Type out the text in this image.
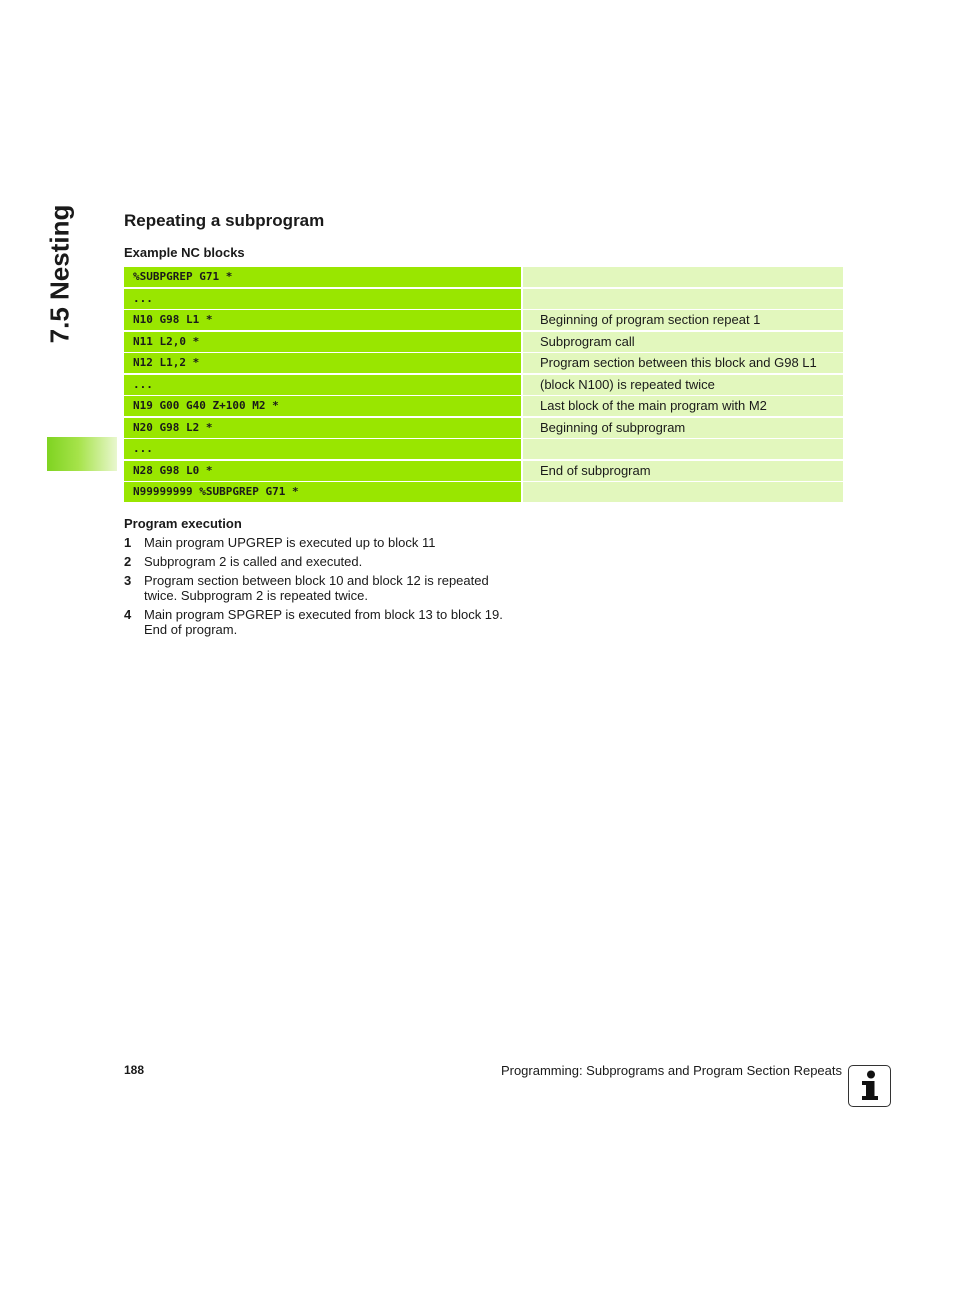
7.5 Nesting	Repeating a subprogram
Example NC blocks
%SUBPGREP G71 *
...
N10 G98 L1 *	Beginning of program section repeat 1
N11 L2,0 *	Subprogram call
N12 L1,2 *	Program section between this block and G98 L1
...	(block N100) is repeated twice
N19 G00 G40 Z+100 M2 *	Last block of the main program with M2
N20 G98 L2 *	Beginning of subprogram
...
N28 G98 L0 *	End of subprogram
N99999999 %SUBPGREP G71 *
Program execution
1 Main program UPGREP is executed up to block 11
2 Subprogram 2 is called and executed.
3 Program section between block 10 and block 12 is repeated twice. Subprogram 2 is repeated twice.
4 Main program SPGREP is executed from block 13 to block 19. End of program.
188	Programming: Subprograms and Program Section Repeats
